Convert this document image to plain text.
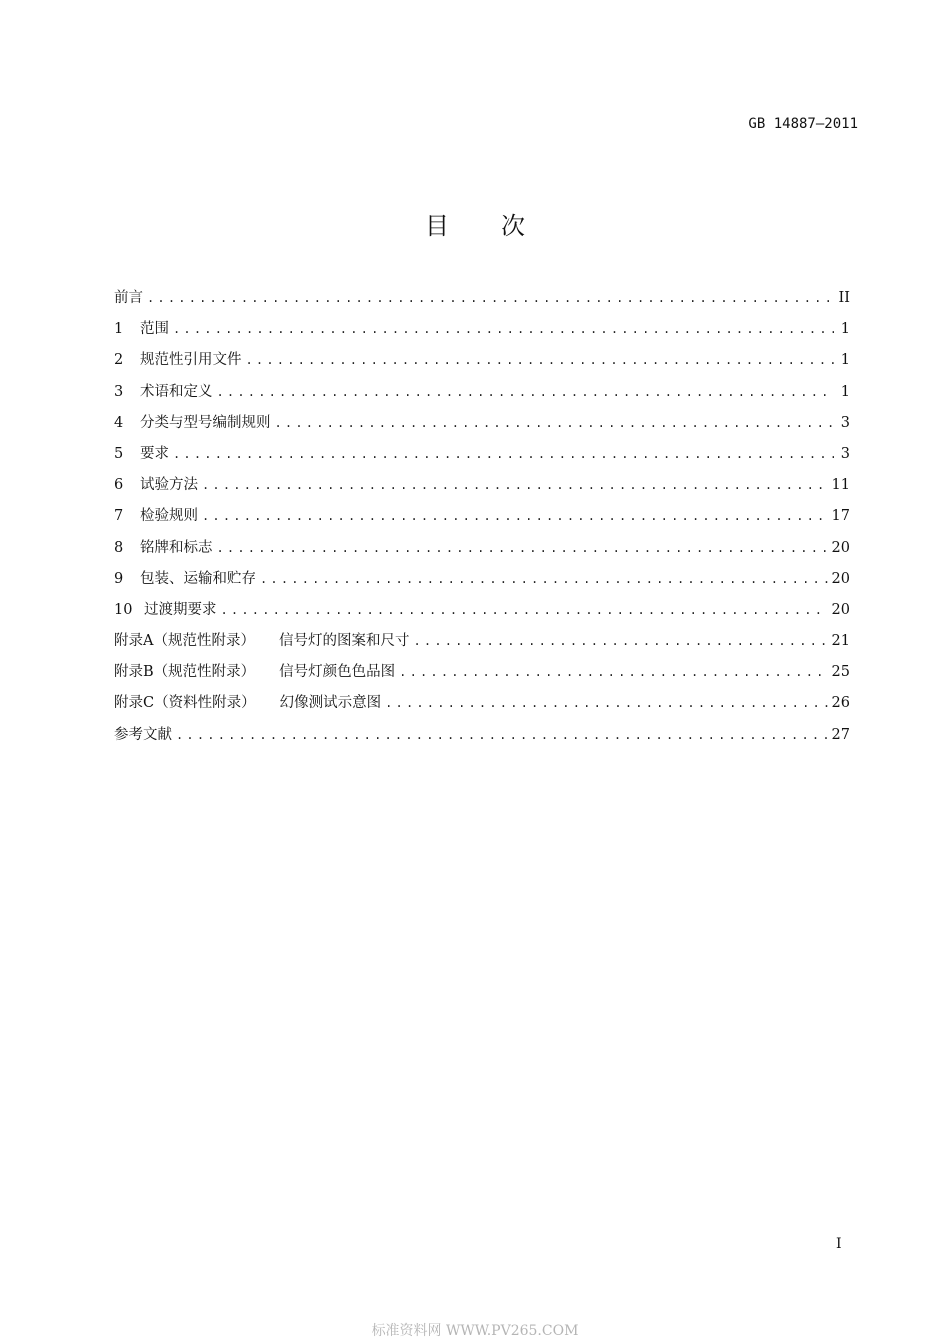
GB 14887—2011
目 次
前言 .....	II
1	范围 .....	1
2	规范性引用文件 .....	1
3	术语和定义 .....	1
4	分类与型号编制规则 .....	3
5	要求 .....	3
6	试验方法 .....	11
7	检验规则 .....	17
8	铭牌和标志 .....	20
9	包装、运输和贮存 .....	20
10 过渡期要求 .....	20
附录A（规范性附录） 信号灯的图案和尺寸 .....	21
附录B（规范性附录） 信号灯颜色色品图 .....	25
附录C（资料性附录） 幻像测试示意图 .....	26
参考文献 .....	27
I
标准资料网 WWW.PV265.COM
